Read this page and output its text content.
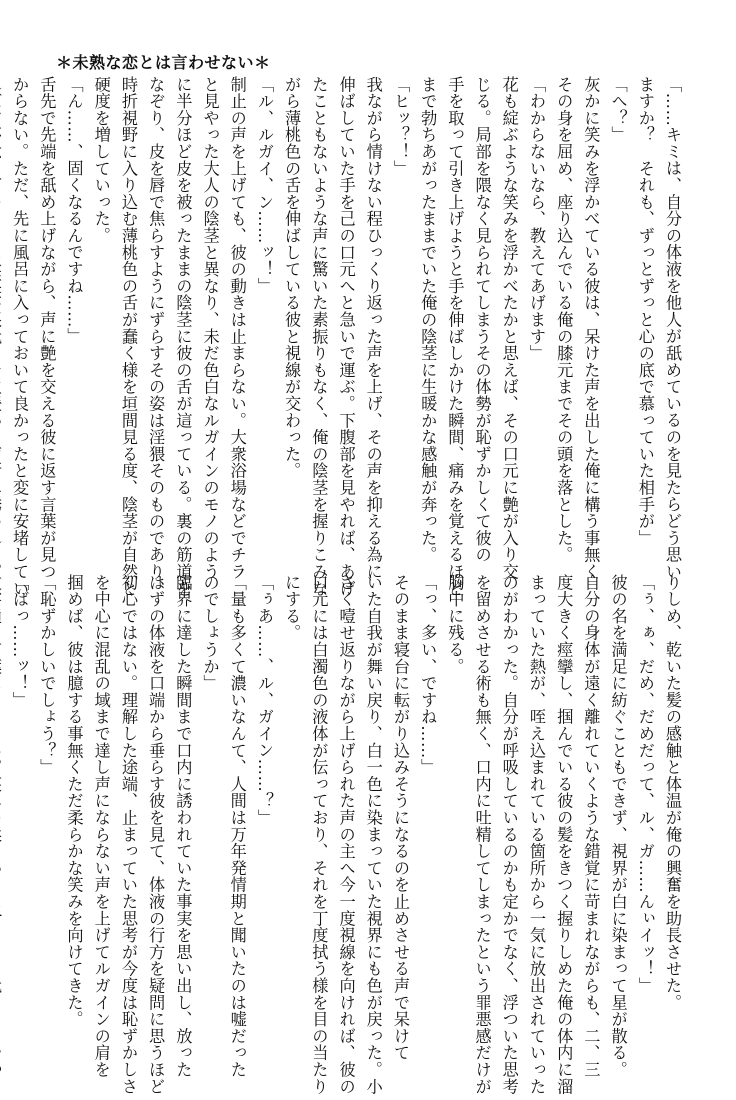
＊未熟な恋とは言わせない＊
「……キミは、自分の体液を他人が舐めているのを見たらどう思い
ますか？　それも、ずっとずっと心の底で慕っていた相手が」
「へ？」
灰かに笑みを浮かべている彼は、呆けた声を出した俺に構う事無く
その身を屈め、座り込んでいる俺の膝元までその頭を落とした。
「わからないなら、教えてあげます」
花も綻ぶような笑みを浮かべたかと思えば、その口元に艶が入り交
じる。局部を隈なく見られてしまうその体勢が恥ずかしくて彼の
手を取って引き上げようと手を伸ばしかけた瞬間、痛みを覚えるほど
まで勃ちあがったままでいた俺の陰茎に生暖かな感触が奔った。
「ヒッ？！」
我ながら情けない程ひっくり返った声を上げ、その声を抑える為に
伸ばしていた手を己の口元へと急いで運ぶ。下腹部を見やれば、あげ
たこともないような声に驚いた素振りもなく、俺の陰茎を握りこみな
がら薄桃色の舌を伸ばしている彼と視線が交わった。
「ル、ルガイ、ン……ッ！」
制止の声を上げても、彼の動きは止まらない。大衆浴場などでチラ
と見やった大人の陰茎と異なり、未だ色白なルガインのモノのよう
に半分ほど皮を被ったままの陰茎に彼の舌が這っている。裏の筋道を
なぞり、皮を唇で焦らすようにずらすその姿は淫猥そのものであり、
時折視野に入り込む薄桃色の舌が蠢く様を垣間見る度、陰茎が自然と
硬度を増していった。
「ん……、固くなるんですね……」
舌先で先端を舐め上げながら、声に艶を交える彼に返す言葉が見つ
からない。ただ、先に風呂に入っておいて良かったと変に安堵してい
りしめ、乾いた髪の感触と体温が俺の興奮を助長させた。
「ぅ、ぁ、だめ、だめだって、ル、ガ……んぃイッ！」
彼の名を満足に紡ぐこともできず、視界が白に染まって星が散る。
自分の身体が遠く離れていくような錯覚に苛まれながらも、二、三
度大きく痙攣し、掴んでいる彼の髪をきつく握りしめた俺の体内に溜
まっていた熱が、咥え込まれている箇所から一気に放出されていった
のがわかった。自分が呼吸しているのかも定かでなく、浮ついた思考
を留めさせる術も無く、口内に吐精してしまったという罪悪感だけが
胸中に残る。
「っ、多い、ですね……」
そのまま寝台に転がり込みそうになるのを止めさせる声で呆けて
いた自我が舞い戻り、白一色に染まっていた視界にも色が戻った。小
さく噎せ返りながら上げられた声の主へ今一度視線を向ければ、彼の
口元には白濁色の液体が伝っており、それを丁度拭う様を目の当たり
にする。
「ぅあ……、ル、ガイン……？」
「量も多くて濃いなんて、人間は万年発情期と聞いたのは嘘だった
のでしょうか」
臨界に達した瞬間まで口内に誘われていた事実を思い出し、放った
はずの体液を口端から垂らす彼を見て、体液の行方を疑問に思うほど
初心ではない。理解した途端、止まっていた思考が今度は恥ずかしさ
を中心に混乱の域まで達し声にならない声を上げてルガインの肩を
掴めば、彼は臆する事無くただ柔らかな笑みを向けてきた。
「恥ずかしいでしょう？」
「ばっ……ッ！」
